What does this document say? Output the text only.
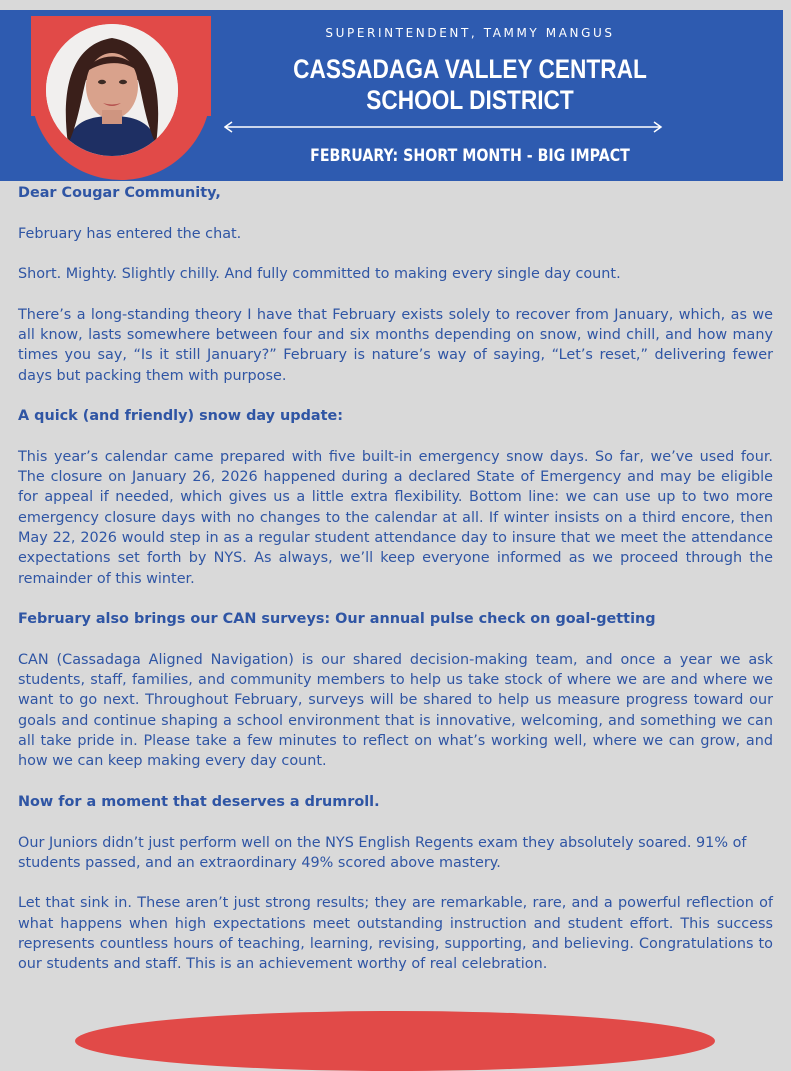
SUPERINTENDENT, TAMMY MANGUS
CASSADAGA VALLEY CENTRAL
SCHOOL DISTRICT
FEBRUARY: SHORT MONTH - BIG IMPACT
Dear Cougar Community,

February has entered the chat.

Short. Mighty. Slightly chilly. And fully committed to making every single day count.

There’s a long-standing theory I have that February exists solely to recover from January, which, as we all know, lasts somewhere between four and six months depending on snow, wind chill, and how many times you say, “Is it still January?” February is nature’s way of saying, “Let’s reset,” delivering fewer days but packing them with purpose.

A quick (and friendly) snow day update:

This year’s calendar came prepared with five built-in emergency snow days. So far, we’ve used four. The closure on January 26, 2026 happened during a declared State of Emergency and may be eligible for appeal if needed, which gives us a little extra flexibility. Bottom line: we can use up to two more emergency closure days with no changes to the calendar at all. If winter insists on a third encore, then May 22, 2026 would step in as a regular student attendance day to insure that we meet the attendance expectations set forth by NYS. As always, we’ll keep everyone informed as we proceed through the remainder of this winter.

February also brings our CAN surveys: Our annual pulse check on goal-getting

CAN (Cassadaga Aligned Navigation) is our shared decision-making team, and once a year we ask students, staff, families, and community members to help us take stock of where we are and where we want to go next. Throughout February, surveys will be shared to help us measure progress toward our goals and continue shaping a school environment that is innovative, welcoming, and something we can all take pride in. Please take a few minutes to reflect on what’s working well, where we can grow, and how we can keep making every day count.

Now for a moment that deserves a drumroll.

Our Juniors didn’t just perform well on the NYS English Regents exam they absolutely soared. 91% of students passed, and an extraordinary 49% scored above mastery.

Let that sink in. These aren’t just strong results; they are remarkable, rare, and a powerful reflection of what happens when high expectations meet outstanding instruction and student effort. This success represents countless hours of teaching, learning, revising, supporting, and believing. Congratulations to our students and staff. This is an achievement worthy of real celebration.
